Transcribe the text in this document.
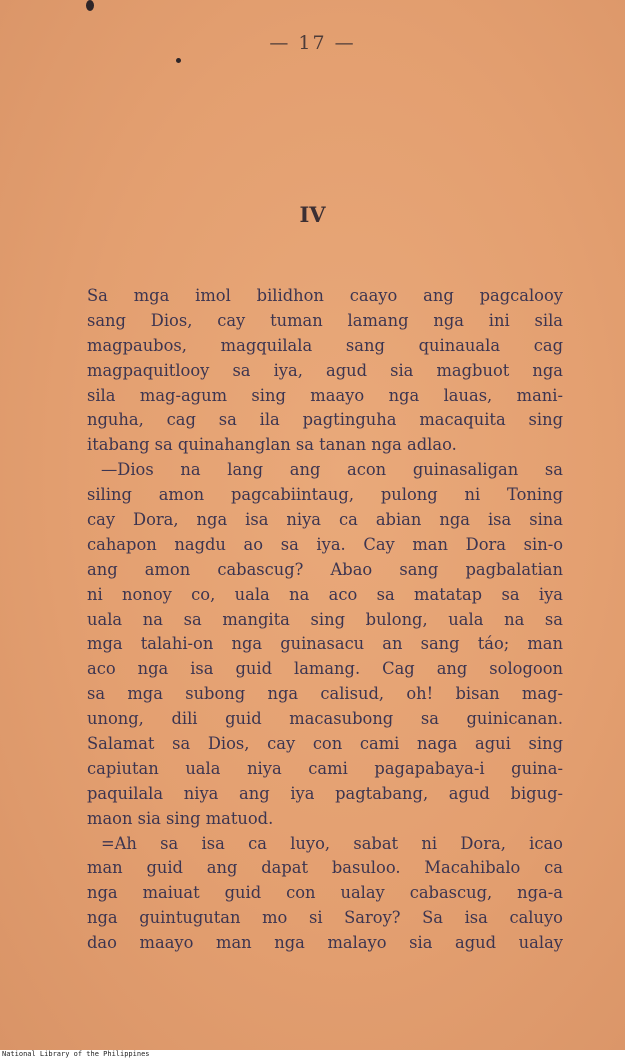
— 17 —
IV
Sa mga imol bilidhon caayo ang pagcalooy
sang Dios, cay tuman lamang nga ini sila
magpaubos, magquilala sang quinauala cag
magpaquitlooy sa iya, agud sia magbuot nga
sila mag-agum sing maayo nga lauas, mani-
nguha, cag sa ila pagtinguha macaquita sing
itabang sa quinahanglan sa tanan nga adlao.
—Dios na lang ang acon guinasaligan sa
siling amon pagcabiintaug, pulong ni Toning
cay Dora, nga isa niya ca abian nga isa sina
cahapon nagdu ao sa iya. Cay man Dora sin-o
ang amon cabascug? Abao sang pagbalatian
ni nonoy co, uala na aco sa matatap sa iya
uala na sa mangita sing bulong, uala na sa
mga talahi-on nga guinasacu an sang táo; man
aco nga isa guid lamang. Cag ang sologoon
sa mga subong nga calisud, oh! bisan mag-
unong, dili guid macasubong sa guinicanan.
Salamat sa Dios, cay con cami naga agui sing
capiutan uala niya cami pagapabaya-i guina-
paquilala niya ang iya pagtabang, agud bigug-
maon sia sing matuod.
=Ah sa isa ca luyo, sabat ni Dora, icao
man guid ang dapat basuloo. Macahibalo ca
nga maiuat guid con ualay cabascug, nga-a
nga guintugutan mo si Saroy? Sa isa caluyo
dao maayo man nga malayo sia agud ualay
National Library of the Philippines
